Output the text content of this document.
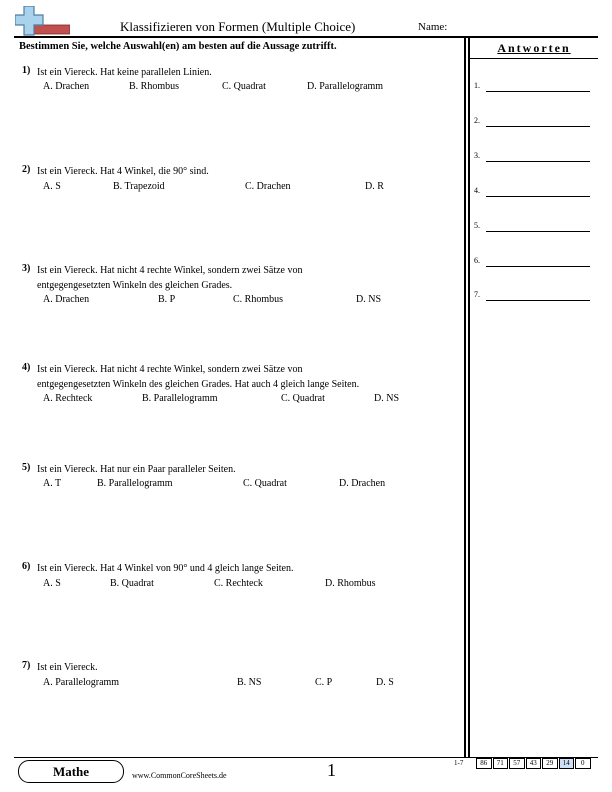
Klassifizieren von Formen (Multiple Choice)	Name:
Bestimmen Sie, welche Auswahl(en) am besten auf die Aussage zutrifft.	Antworten
1.
2.
3.
4.
5.
6.
7.
1) Ist ein Viereck. Hat keine parallelen Linien.
A. Drachen	B. Rhombus	C. Quadrat	D. Parallelogramm
2) Ist ein Viereck. Hat 4 Winkel, die 90° sind.
A. S	B. Trapezoid	C. Drachen	D. R
3) Ist ein Viereck. Hat nicht 4 rechte Winkel, sondern zwei Sätze von
entgegengesetzten Winkeln des gleichen Grades.
A. Drachen	B. P	C. Rhombus	D. NS
4) Ist ein Viereck. Hat nicht 4 rechte Winkel, sondern zwei Sätze von
entgegengesetzten Winkeln des gleichen Grades. Hat auch 4 gleich lange Seiten.
A. Rechteck	B. Parallelogramm	C. Quadrat	D. NS
5) Ist ein Viereck. Hat nur ein Paar paralleler Seiten.
A. T	B. Parallelogramm	C. Quadrat	D. Drachen
6) Ist ein Viereck. Hat 4 Winkel von 90° und 4 gleich lange Seiten.
A. S	B. Quadrat	C. Rechteck	D. Rhombus
7) Ist ein Viereck.
A. Parallelogramm	B. NS	C. P	D. S
Mathe	www.CommonCoreSheets.de	1	1-7	86	71	57	43	29	14	0
